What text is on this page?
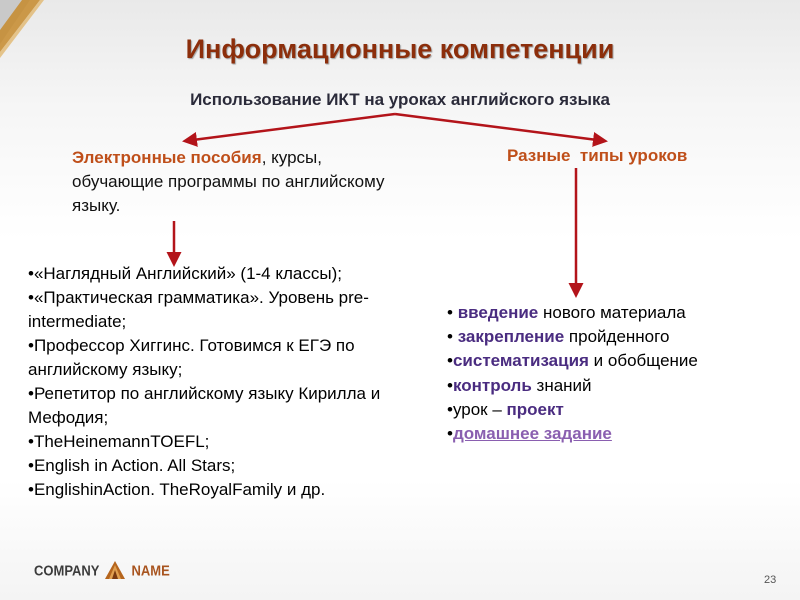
Информационные компетенции
Использование ИКТ на уроках английского языка
Электронные пособия, курсы, обучающие программы по английскому языку.
Разные  типы уроков
•«Наглядный Английский» (1-4 классы);
•«Практическая грамматика». Уровень pre-intermediate;
•Профессор Хиггинс. Готовимся к ЕГЭ по английскому языку;
•Репетитор по английскому языку Кирилла и Мефодия;
•TheHeinemannTOEFL;
•English in Action. All Stars;
•EnglishinAction. TheRoyalFamily и др.
• введение нового материала
• закрепление пройденного
•систематизация и обобщение
•контроль знаний
•урок – проект
•домашнее задание
COMPANY NAME
23
